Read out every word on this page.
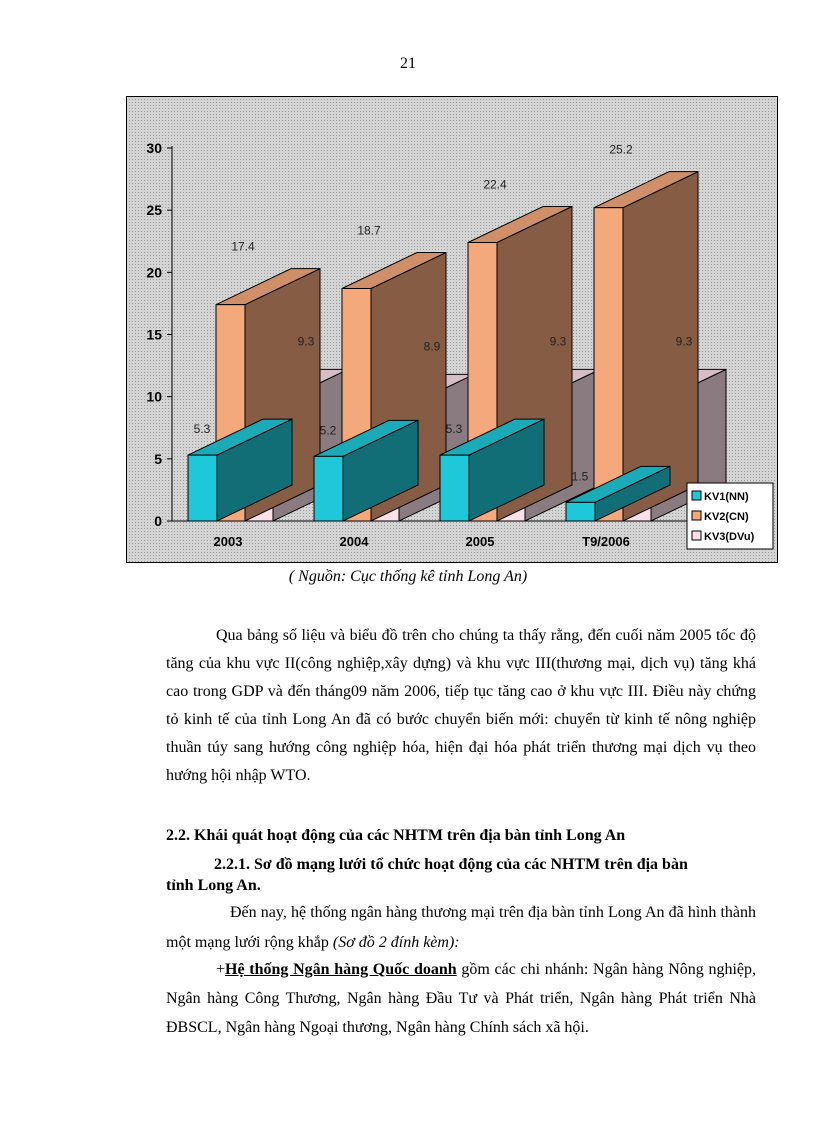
21
0
5
10
15
20
25
30
5.3
17.4
9.3
5.2
18.7
8.9
5.3
22.4
9.3
1.5
25.2
9.3
2003	2004	2005	T9/2006
KV1(NN)
KV2(CN)
KV3(DVu)
( Nguồn: Cục thống kê tỉnh Long An)
Qua bảng số liệu và biểu đồ trên cho chúng ta thấy rằng, đến cuối năm 2005 tốc độ tăng của khu vực II(công nghiệp,xây dựng) và khu vực III(thương mại, dịch vụ) tăng khá cao trong GDP và đến tháng09 năm 2006, tiếp tục tăng cao ở khu vực III. Điều này chứng tỏ kinh tế của tỉnh Long An đã có bước chuyển biến mới: chuyển từ kinh tế nông nghiệp thuần túy sang hướng công nghiệp hóa, hiện đại hóa phát triển thương mại dịch vụ theo hướng hội nhập WTO.
2.2. Khái quát hoạt động của các NHTM trên địa bàn tỉnh Long An
2.2.1. Sơ đồ mạng lưới tổ chức hoạt động của các NHTM trên địa bàn
tỉnh Long An.
Đến nay, hệ thống ngân hàng thương mại trên địa bàn tỉnh Long An đã hình thành một mạng lưới rộng khắp (Sơ đồ 2 đính kèm):
+Hệ thống Ngân hàng Quốc doanh gồm các chi nhánh: Ngân hàng Nông nghiệp, Ngân hàng Công Thương, Ngân hàng Đầu Tư và Phát triển, Ngân hàng Phát triển Nhà ĐBSCL, Ngân hàng Ngoại thương, Ngân hàng Chính sách xã hội.
